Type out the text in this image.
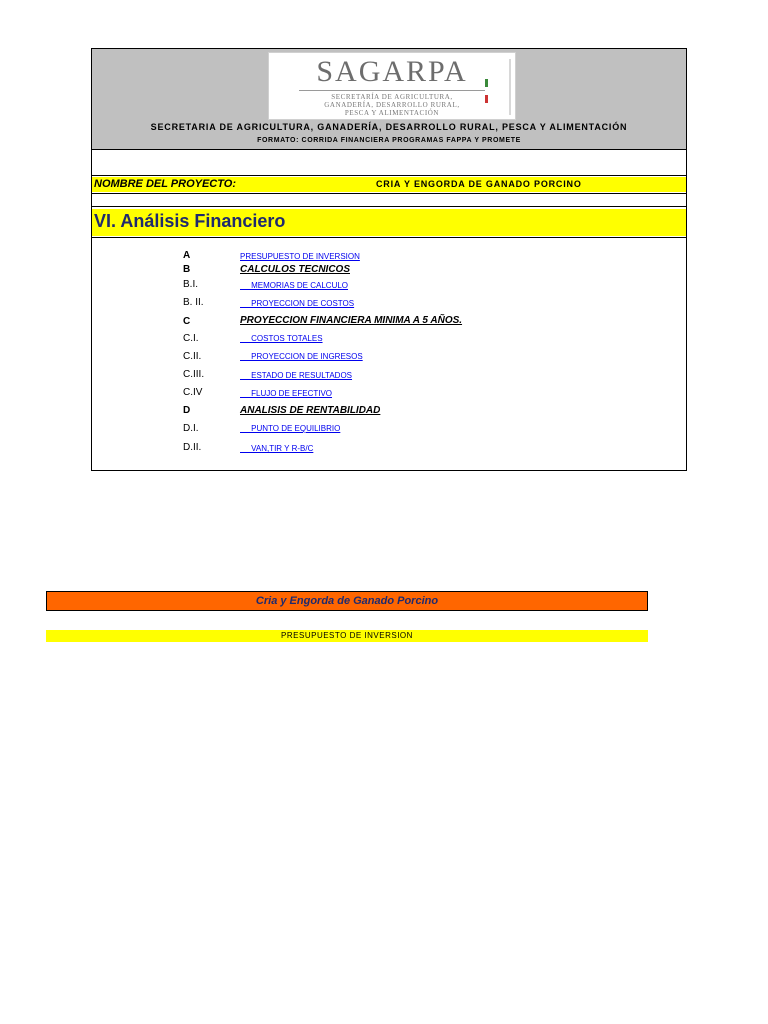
SAGARPA
SECRETARÍA DE AGRICULTURA,
GANADERÍA, DESARROLLO RURAL,
PESCA Y ALIMENTACIÓN
SECRETARIA DE AGRICULTURA, GANADERÍA, DESARROLLO RURAL, PESCA Y ALIMENTACIÓN
FORMATO: CORRIDA FINANCIERA PROGRAMAS FAPPA Y PROMETE
NOMBRE DEL PROYECTO:	CRIA Y ENGORDA DE GANADO PORCINO
VI. Análisis Financiero
A	PRESUPUESTO DE INVERSION
B	CALCULOS TECNICOS
B.I.	MEMORIAS DE CALCULO
B. II.	PROYECCION DE COSTOS
C	PROYECCION FINANCIERA MINIMA A 5 AÑOS.
C.I.	COSTOS TOTALES
C.II.	PROYECCION DE INGRESOS
C.III.	ESTADO DE RESULTADOS
C.IV	FLUJO DE EFECTIVO
D	ANALISIS DE RENTABILIDAD
D.I.	PUNTO DE EQUILIBRIO
D.II.	VAN,TIR Y R-B/C
Cria y Engorda de Ganado Porcino
PRESUPUESTO DE INVERSION
